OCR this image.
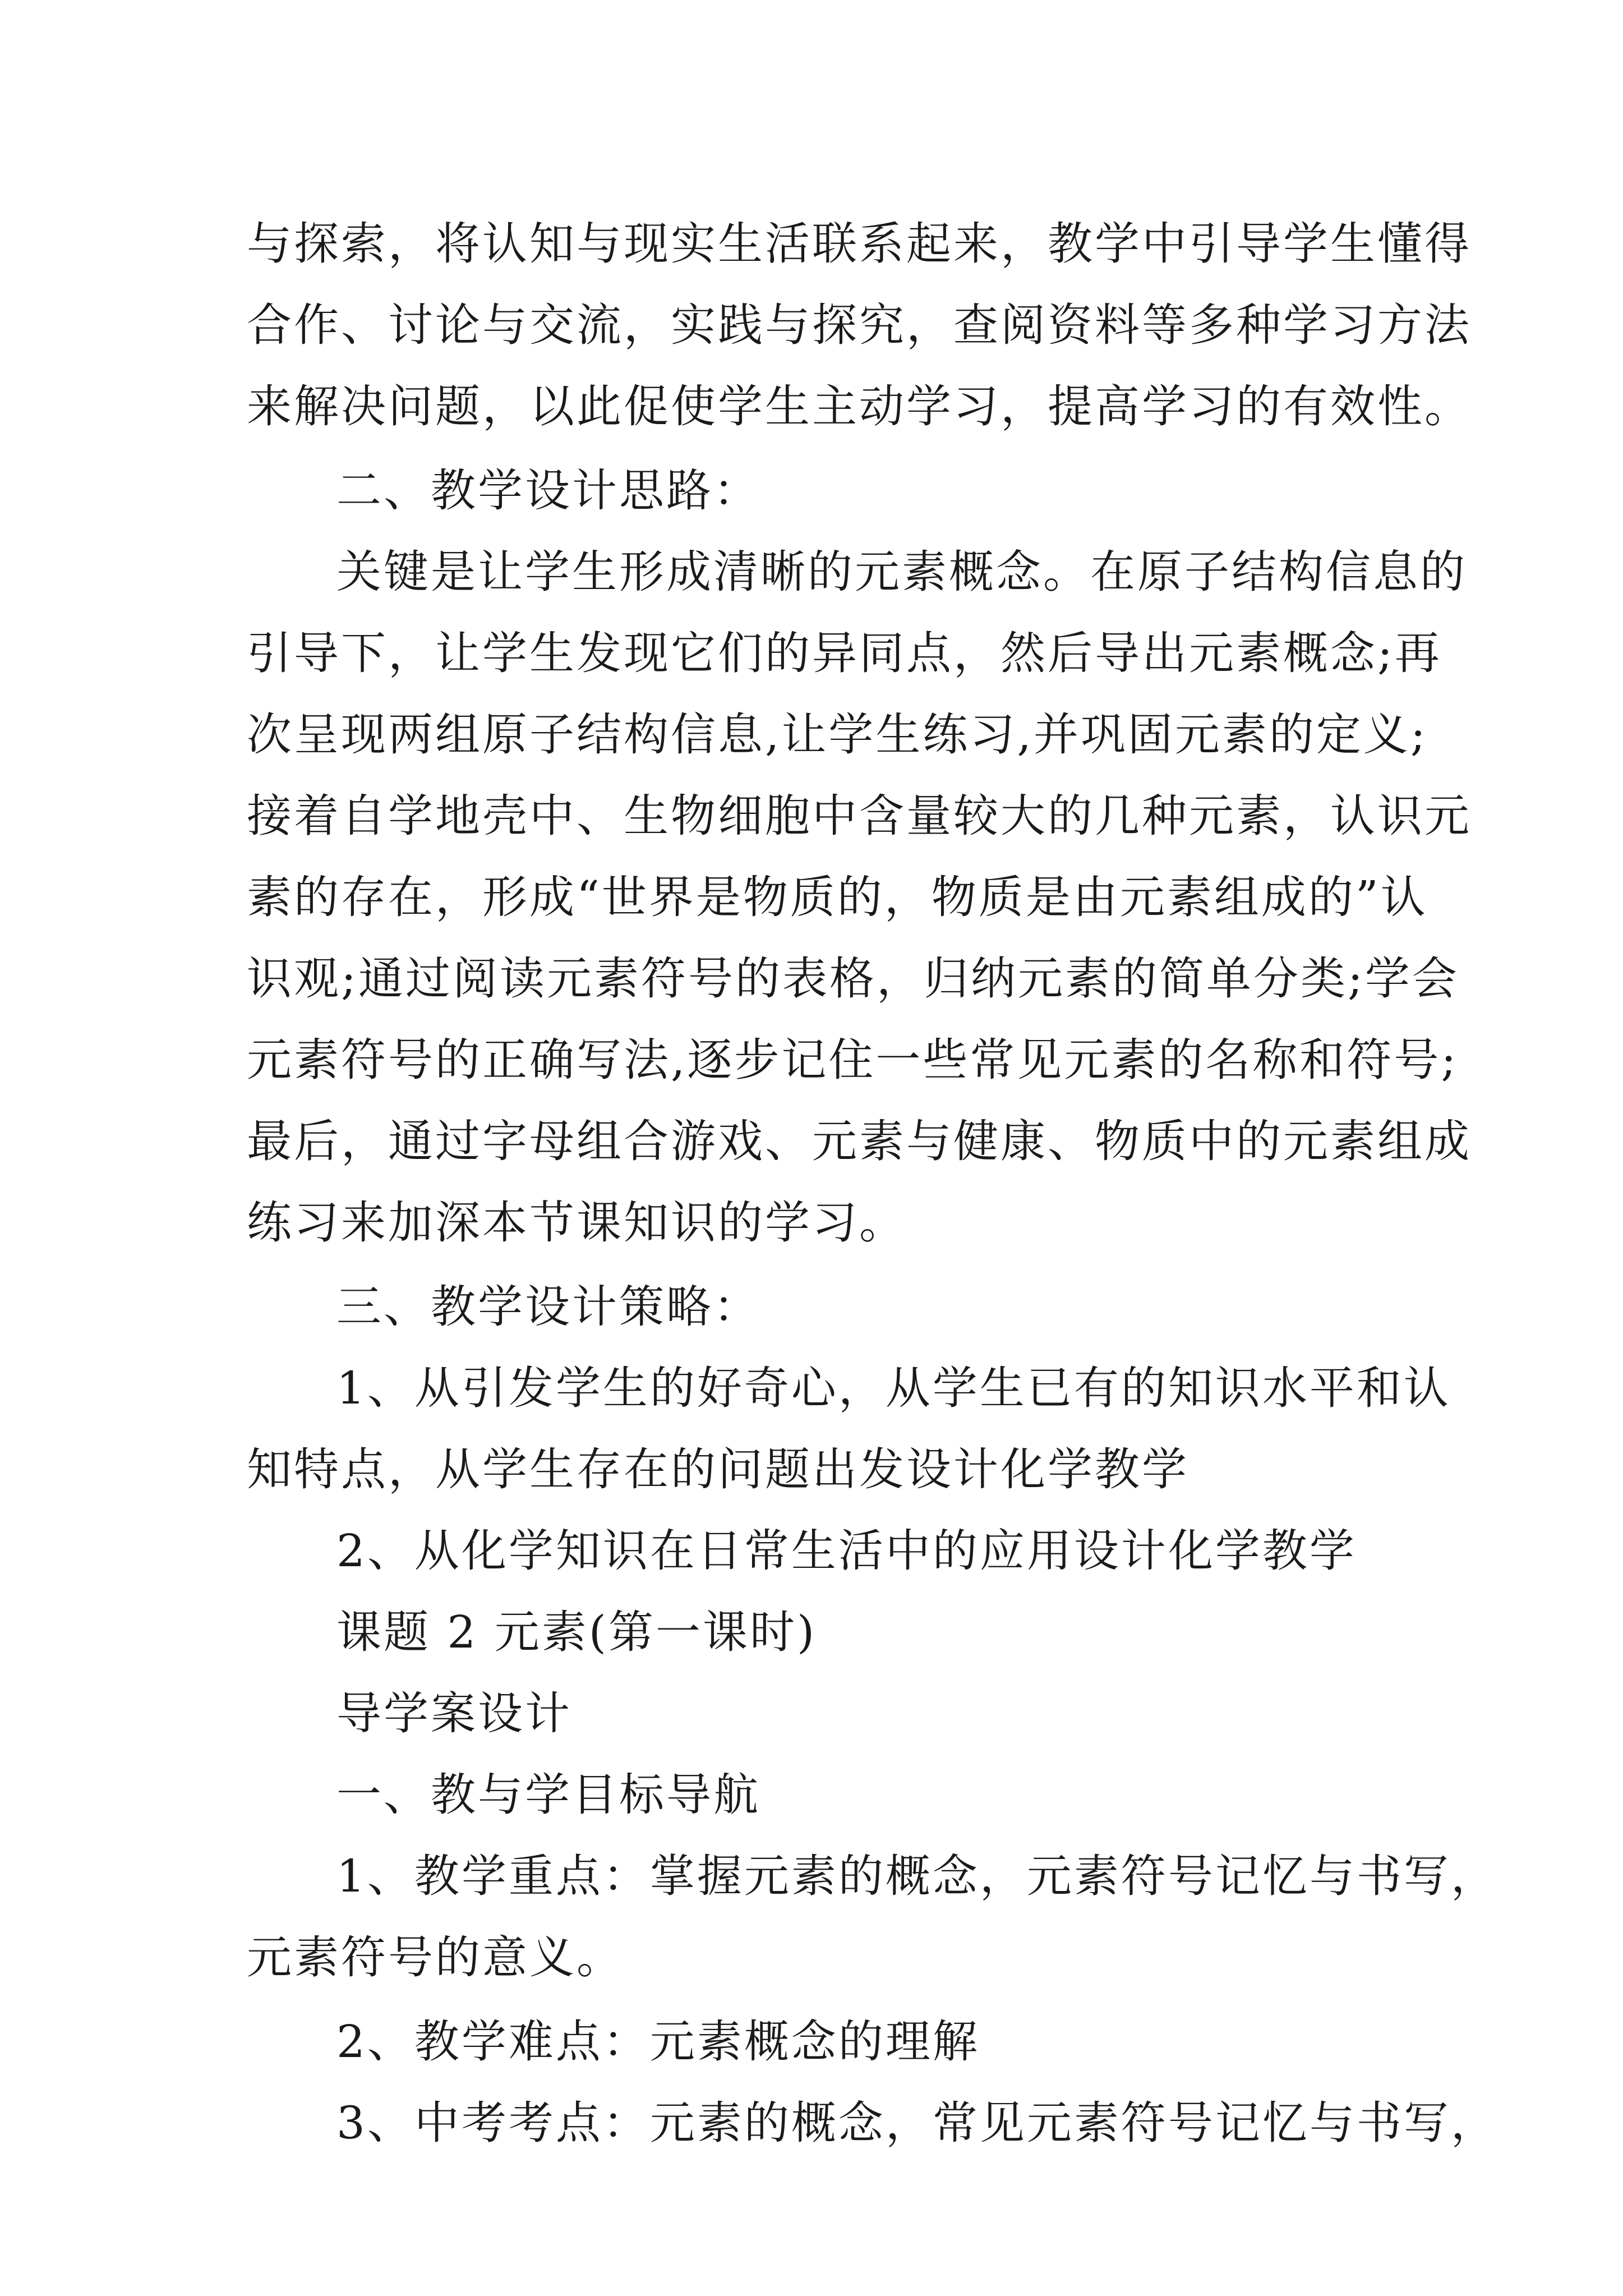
与探索，将认知与现实生活联系起来，教学中引导学生懂得
合作、讨论与交流，实践与探究，查阅资料等多种学习方法
来解决问题，以此促使学生主动学习，提高学习的有效性。
二、教学设计思路：
关键是让学生形成清晰的元素概念。在原子结构信息的
引导下，让学生发现它们的异同点，然后导出元素概念;再
次呈现两组原子结构信息,让学生练习,并巩固元素的定义;
接着自学地壳中、生物细胞中含量较大的几种元素，认识元
素的存在，形成“世界是物质的，物质是由元素组成的”认
识观;通过阅读元素符号的表格，归纳元素的简单分类;学会
元素符号的正确写法,逐步记住一些常见元素的名称和符号;
最后，通过字母组合游戏、元素与健康、物质中的元素组成
练习来加深本节课知识的学习。
三、教学设计策略：
1、从引发学生的好奇心，从学生已有的知识水平和认
知特点，从学生存在的问题出发设计化学教学
2、从化学知识在日常生活中的应用设计化学教学
课题 2 元素(第一课时)
导学案设计
一、教与学目标导航
1、教学重点：掌握元素的概念，元素符号记忆与书写，
元素符号的意义。
2、教学难点：元素概念的理解
3、中考考点：元素的概念，常见元素符号记忆与书写，
